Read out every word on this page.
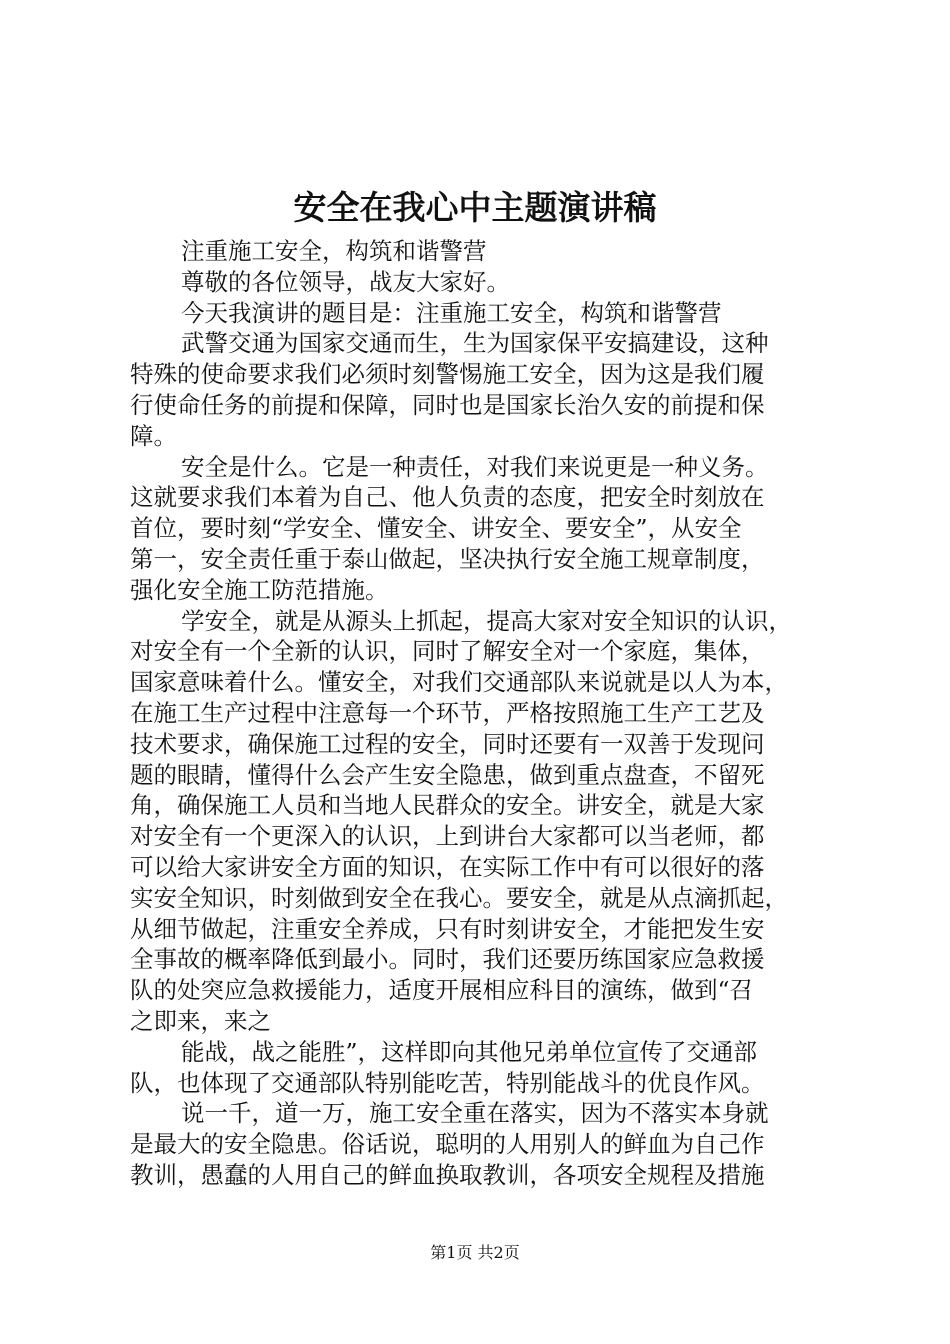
安全在我心中主题演讲稿
注重施工安全，构筑和谐警营
尊敬的各位领导，战友大家好。
今天我演讲的题目是：注重施工安全，构筑和谐警营
武警交通为国家交通而生，生为国家保平安搞建设，这种
特殊的使命要求我们必须时刻警惕施工安全，因为这是我们履
行使命任务的前提和保障，同时也是国家长治久安的前提和保
障。
安全是什么。它是一种责任，对我们来说更是一种义务。
这就要求我们本着为自己、他人负责的态度，把安全时刻放在
首位，要时刻“学安全、懂安全、讲安全、要安全”，从安全
第一，安全责任重于泰山做起，坚决执行安全施工规章制度，
强化安全施工防范措施。
学安全，就是从源头上抓起，提高大家对安全知识的认识，
对安全有一个全新的认识，同时了解安全对一个家庭，集体，
国家意味着什么。懂安全，对我们交通部队来说就是以人为本，
在施工生产过程中注意每一个环节，严格按照施工生产工艺及
技术要求，确保施工过程的安全，同时还要有一双善于发现问
题的眼睛，懂得什么会产生安全隐患，做到重点盘查，不留死
角，确保施工人员和当地人民群众的安全。讲安全，就是大家
对安全有一个更深入的认识，上到讲台大家都可以当老师，都
可以给大家讲安全方面的知识，在实际工作中有可以很好的落
实安全知识，时刻做到安全在我心。要安全，就是从点滴抓起，
从细节做起，注重安全养成，只有时刻讲安全，才能把发生安
全事故的概率降低到最小。同时，我们还要历练国家应急救援
队的处突应急救援能力，适度开展相应科目的演练，做到“召
之即来，来之
能战，战之能胜”，这样即向其他兄弟单位宣传了交通部
队，也体现了交通部队特别能吃苦，特别能战斗的优良作风。
说一千，道一万，施工安全重在落实，因为不落实本身就
是最大的安全隐患。俗话说，聪明的人用别人的鲜血为自己作
教训，愚蠢的人用自己的鲜血换取教训，各项安全规程及措施
第1页 共2页
